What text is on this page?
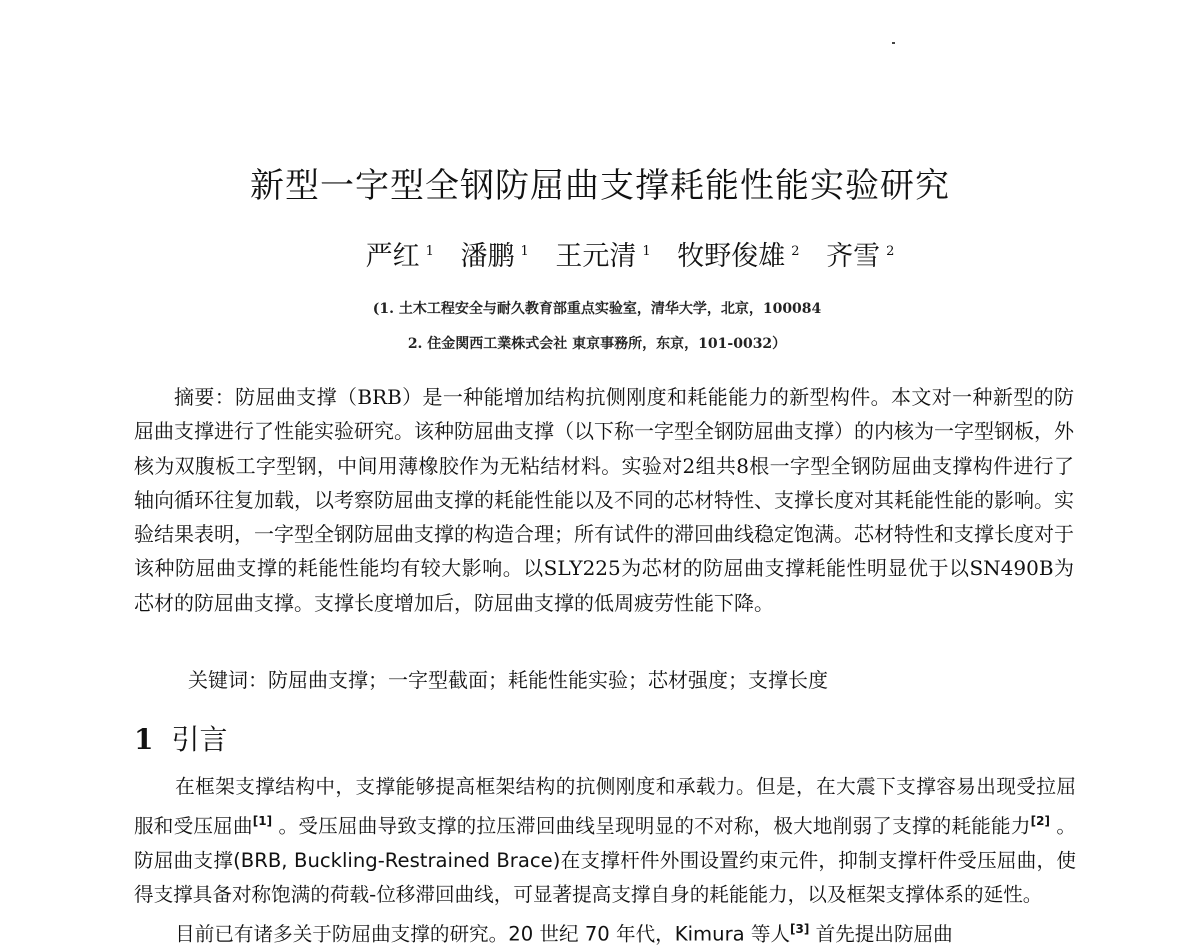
新型一字型全钢防屈曲支撑耗能性能实验研究
严红 $^1$ 潘鹏 $^1$ 王元清 $^1$ 牧野俊雄 $^2$ 齐雪 $^2$
(1. 土木工程安全与耐久教育部重点实验室，清华大学，北京，100084
2. 住金関西工業株式会社 東京事務所，东京，101-0032）

摘要：防屈曲支撑（BRB）是一种能增加结构抗侧刚度和耗能能力的新型构件。本文对一种新型的防屈曲支撑进行了性能实验研究。该种防屈曲支撑（以下称一字型全钢防屈曲支撑）的内核为一字型钢板，外核为双腹板工字型钢，中间用薄橡胶作为无粘结材料。实验对2组共8根一字型全钢防屈曲支撑构件进行了轴向循环往复加载，以考察防屈曲支撑的耗能性能以及不同的芯材特性、支撑长度对其耗能性能的影响。实验结果表明，一字型全钢防屈曲支撑的构造合理；所有试件的滞回曲线稳定饱满。芯材特性和支撑长度对于该种防屈曲支撑的耗能性能均有较大影响。以SLY225为芯材的防屈曲支撑耗能性明显优于以SN490B为芯材的防屈曲支撑。支撑长度增加后，防屈曲支撑的低周疲劳性能下降。

关键词：防屈曲支撑；一字型截面；耗能性能实验；芯材强度；支撑长度
1 引言

在框架支撑结构中，支撑能够提高框架结构的抗侧刚度和承载力。但是，在大震下支撑容易出现受拉屈服和受压屈曲[1] 。受压屈曲导致支撑的拉压滞回曲线呈现明显的不对称，极大地削弱了支撑的耗能能力[2] 。防屈曲支撑(BRB, Buckling-Restrained Brace)在支撑杆件外围设置约束元件，抑制支撑杆件受压屈曲，使得支撑具备对称饱满的荷载-位移滞回曲线，可显著提高支撑自身的耗能能力，以及框架支撑体系的延性。

目前已有诸多关于防屈曲支撑的研究。20 世纪 70 年代，Kimura 等人[3] 首先提出防屈曲
